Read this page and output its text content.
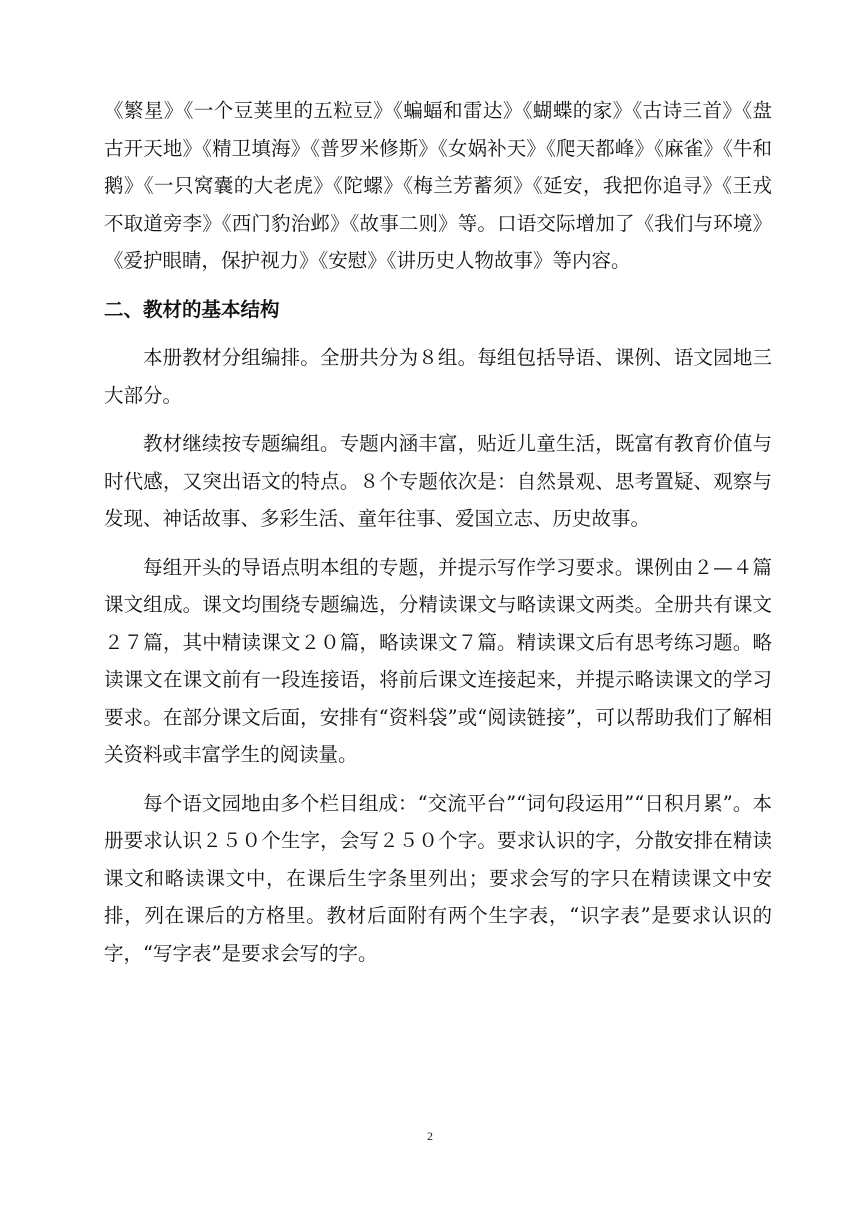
《繁星》《一个豆荚里的五粒豆》《蝙蝠和雷达》《蝴蝶的家》《古诗三首》《盘古开天地》《精卫填海》《普罗米修斯》《女娲补天》《爬天都峰》《麻雀》《牛和鹅》《一只窝囊的大老虎》《陀螺》《梅兰芳蓄须》《延安，我把你追寻》《王戎不取道旁李》《西门豹治邺》《故事二则》等。口语交际增加了《我们与环境》《爱护眼睛，保护视力》《安慰》《讲历史人物故事》等内容。

二、教材的基本结构

本册教材分组编排。全册共分为８组。每组包括导语、课例、语文园地三大部分。

教材继续按专题编组。专题内涵丰富，贴近儿童生活，既富有教育价值与时代感，又突出语文的特点。８个专题依次是：自然景观、思考置疑、观察与发现、神话故事、多彩生活、童年往事、爱国立志、历史故事。

每组开头的导语点明本组的专题，并提示写作学习要求。课例由２—４篇课文组成。课文均围绕专题编选，分精读课文与略读课文两类。全册共有课文２７篇，其中精读课文２０篇，略读课文７篇。精读课文后有思考练习题。略读课文在课文前有一段连接语，将前后课文连接起来，并提示略读课文的学习要求。在部分课文后面，安排有“资料袋”或“阅读链接”，可以帮助我们了解相关资料或丰富学生的阅读量。

每个语文园地由多个栏目组成：“交流平台”“词句段运用”“日积月累”。本册要求认识２５０个生字，会写２５０个字。要求认识的字，分散安排在精读课文和略读课文中，在课后生字条里列出；要求会写的字只在精读课文中安排，列在课后的方格里。教材后面附有两个生字表，“识字表”是要求认识的字，“写字表”是要求会写的字。

2
